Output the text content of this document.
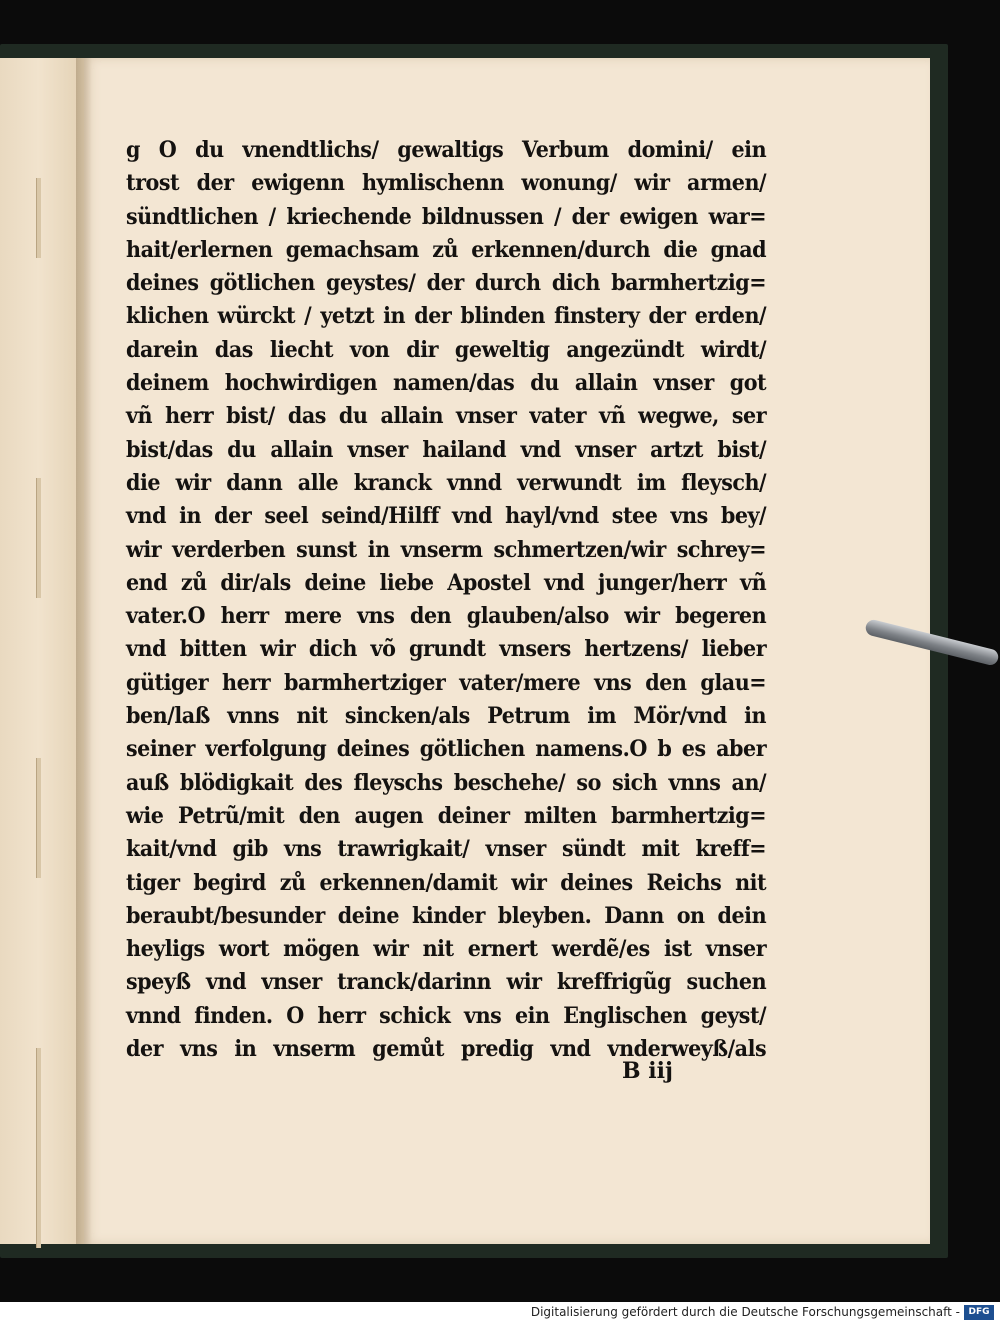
g O du vnendtlichs/ gewaltigs Verbum domini/ ein
trost der ewigenn hymlischenn wonung/ wir armen/
sündtlichen / kriechende bildnussen / der ewigen war=
hait/erlernen gemachsam zů erkennen/durch die gnad
deines götlichen geystes/ der durch dich barmhertzig=
klichen würckt / yetzt in der blinden finstery der erden/
darein das liecht von dir geweltig angezündt wirdt/
deinem hochwirdigen namen/das du allain vnser got
vñ herr bist/ das du allain vnser vater vñ wegwe, ser
bist/das du allain vnser hailand vnd vnser artzt bist/
die wir dann alle kranck vnnd verwundt im fleysch/
vnd in der seel seind/Hilff vnd hayl/vnd stee vns bey/
wir verderben sunst in vnserm schmertzen/wir schrey=
end zů dir/als deine liebe Apostel vnd junger/herr vñ
vater.O herr mere vns den glauben/also wir begeren
vnd bitten wir dich võ grundt vnsers hertzens/ lieber
gütiger herr barmhertziger vater/mere vns den glau=
ben/laß vnns nit sincken/als Petrum im Mör/vnd in
seiner verfolgung deines götlichen namens.O b es aber
auß blödigkait des fleyschs beschehe/ so sich vnns an/
wie Petrũ/mit den augen deiner milten barmhertzig=
kait/vnd gib vns trawrigkait/ vnser sündt mit kreff=
tiger begird zů erkennen/damit wir deines Reichs nit
beraubt/besunder deine kinder bleyben. Dann on dein
heyligs wort mögen wir nit ernert werdẽ/es ist vnser
speyß vnd vnser tranck/darinn wir kreffrigũg suchen
vnnd finden. O herr schick vns ein Englischen geyst/
der vns in vnserm gemůt predig vnd vnderweyß/als
B iij
Digitalisierung gefördert durch die Deutsche Forschungsgemeinschaft - DFG
